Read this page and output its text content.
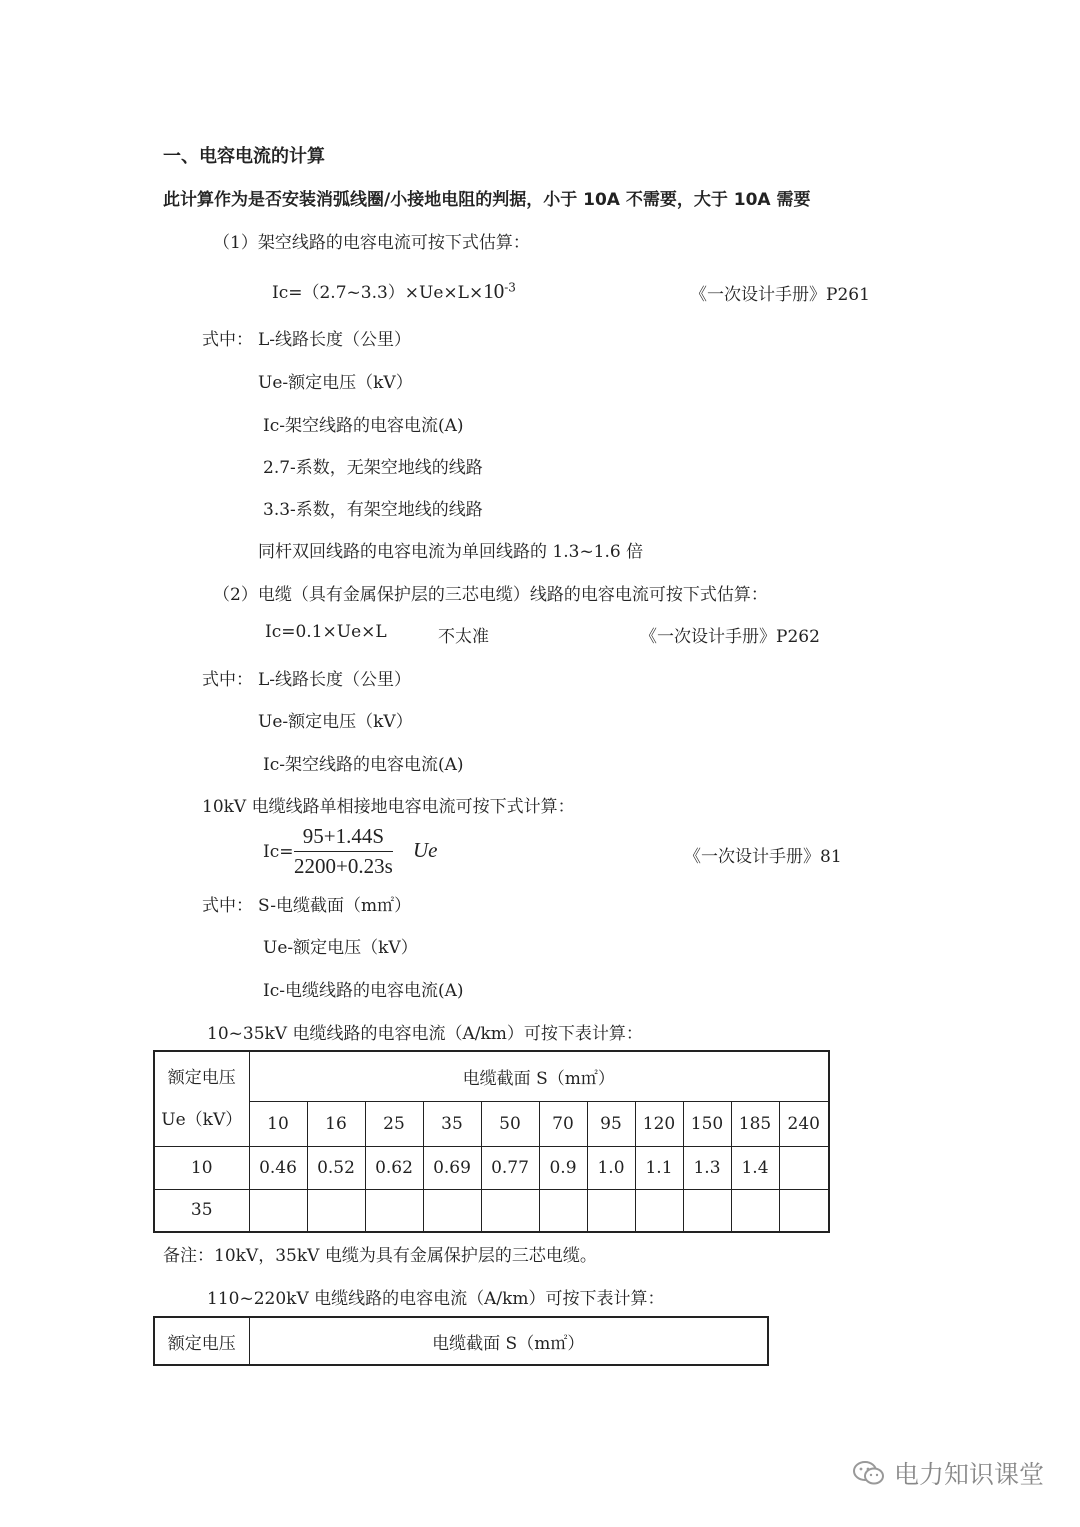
一、电容电流的计算
此计算作为是否安装消弧线圈/小接地电阻的判据，小于 10A 不需要，大于 10A 需要
（1）架空线路的电容电流可按下式估算：
$Ic=(2.7\sim 3.3)\times Ue\times L\times 10^{-3}$	《一次设计手册》P261
式中： L-线路长度（公里）
Ue-额定电压（kV）
Ic-架空线路的电容电流(A)
2.7-系数，无架空地线的线路
3.3-系数，有架空地线的线路
同杆双回线路的电容电流为单回线路的 1.3~1.6 倍
（2）电缆（具有金属保护层的三芯电缆）线路的电容电流可按下式估算：
Ic=0.1×Ue×L	不太准	《一次设计手册》P262
式中： L-线路长度（公里）
Ue-额定电压（kV）
Ic-架空线路的电容电流(A)
10kV 电缆线路单相接地电容电流可按下式计算：
$Ic= \frac{95+1.44S}{2200+0.23s}$ Ue	《一次设计手册》81
式中： S-电缆截面（m㎡）
Ue-额定电压（kV）
Ic-电缆线路的电容电流(A)
10~35kV 电缆线路的电容电流（A/km）可按下表计算：
额定电压
Ue（kV）	电缆截面 S（m㎡）										
	10	16	25	35	50	70	95	120	150	185	240
10	0.46	0.52	0.62	0.69	0.77	0.9	1.0	1.1	1.3	1.4	
35											
备注：10kV，35kV 电缆为具有金属保护层的三芯电缆。
110~220kV 电缆线路的电容电流（A/km）可按下表计算：
额定电压	电缆截面 S（m㎡）
电力知识课堂
